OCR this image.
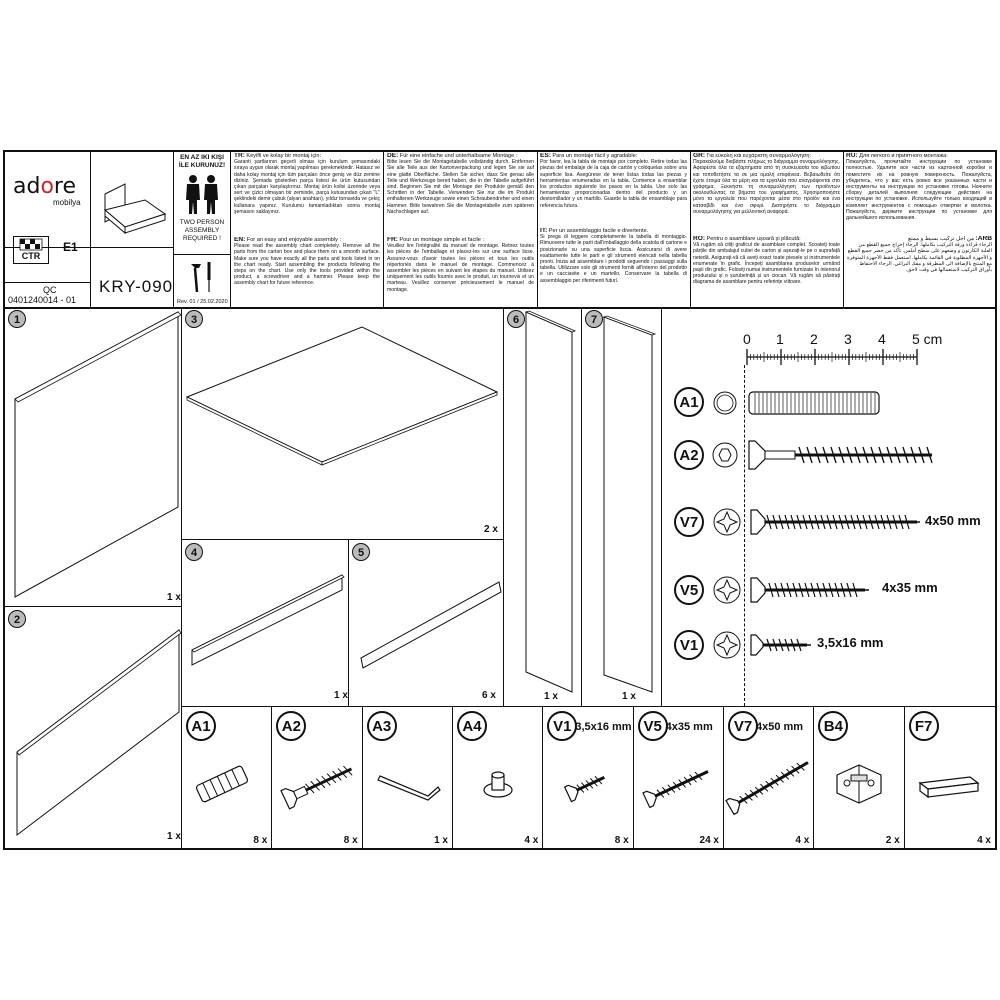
adore
mobilya
CTR
E1
QC
0401240014 - 01
KRY-090
Rev. 01 / 25.02.2020
EN AZ IKI KIŞI İLE KURUNUZ!
TWO PERSON ASSEMBLY REQUIRED !
TR: Keyifli ve kolay bir montaj için:
Garanti şartlarının geçerli olması için kurulum şemasındaki sıraya uygun olarak montaj yapılması gerekmektedir. Hatasız ve daha kolay montaj için tüm parçaları önce geniş ve düz zemine diziniz. Şemada gösterilen parça listesi ile ürün kutusundan çıkan parçaları karşılaştırınız. Montaj ürün kolisi üzerinde veya sert ve çizici olmayan bir zeminde, parça kutusundan çıkan "L" şeklindeki demir çubuk (alyan anahtarı), yıldız tornavida ve çekiç kullanara yapınız. Kurulumu tamamladıktan sonra montaj şemasını saklayınız.
EN: For an easy and enjoyable assembly :
Please read the assembly chart completely. Remove all the parts from the carton box and place them on a smooth surface. Make sure you have exactly all the parts and tools listed in on the chart ready. Start assembling the products following the steps on the chart. Use only the tools provided within the product, a screwdriver and a hammer. Please keep the assembly chart for future reference.
DE: Für eine einfache und unterhaltsame Montage :
Bitte lesen Sie die Montagetabelle vollständig durch. Entfernen Sie alle Teile aus der Kartonverpackung und legen Sie sie auf eine glatte Oberfläche. Stellen Sie sicher, dass Sie genau alle Teile und Werkzeuge bereit haben, die in der Tabelle aufgeführt sind. Beginnen Sie mit der Montage der Produkte gemäß den Schritten in der Tabelle. Verwenden Sie nur die im Produkt enthaltenen Werkzeuge sowie einen Schraubendreher und einen Hammer. Bitte bewahren Sie die Montagetabelle zum späteren Nachschlagen auf.
FR: Pour un montage simple et facile :
Veuillez lire l'intégralité du manuel de montage. Retirez toutes les pièces de l'emballage et placez-les sur une surface lisse. Assurez-vous d'avoir toutes les pièces et tous les outils répertoriés dans le manuel de montage. Commencez à assembler les pièces en suivant les étapes du manuel. Utilisez uniquement les outils fournis avec le produit, un tournevis et un marteau. Veuillez conserver précieusement le manuel de montage.
ES: Para un montaje fácil y agradable:
Por favor, lea la tabla de montaje por completo. Retire todas las piezas del embalaje de la caja de cartón y colóquelas sobre una superficie lisa. Asegúrese de tener listas todas las piezas y herramientas enumeradas en la tabla. Comience a ensamblar los productos siguiendo los pasos en la tabla. Use solo las herramientas proporcionadas dentro del producto y un destornillador y un martillo. Guarde la tabla de ensamblaje para referencia futura.
IT: Per un assemblaggio facile e divertente.
Si prega di leggere completamente la tabella di montaggio. Rimuovere tutte le parti dall'imballaggio della scatola di cartone e posizionarle su una superficie liscia. Assicurarsi di avere esattamente tutte le parti e gli strumenti elencati nella tabella pronti. Inizia ad assemblare i prodotti seguendo i passaggi sulla tabella. Utilizzare solo gli strumenti forniti all'interno del prodotto e un cacciavite e un martello. Conservare la tabella di assemblaggio per riferimenti futuri.
GR: Για εύκολη και ευχάριστη συναρμολόγηση:
Παρακαλούμε διαβάστε πλήρως το διάγραμμα συναρμολόγησης. Αφαιρέστε όλα τα εξαρτήματα από τη συσκευασία του κιβωτίου και τοποθετήστε τα σε μια ομαλή επιφάνεια. Βεβαιωθείτε ότι έχετε έτοιμα όλα τα μέρη και τα εργαλεία που αναγράφονται στο γράφημα. Ξεκινήστε τη συναρμολόγηση των προϊόντων ακολουθώντας τα βήματα του γραφήματος. Χρησιμοποιήστε μόνο τα εργαλεία που παρέχονται μέσα στο προϊόν και ένα κατσαβίδι και ένα σφυρί. Διατηρήστε το διάγραμμα συναρμολόγησης για μελλοντική αναφορά.
RO: Pentru o asamblare ușoară și plăcută:
Vă rugăm să citiți graficul de asamblare complet. Scoateți toate părțile din ambalajul cutiei de carton și așezați-le pe o suprafață netedă. Asigurați-vă că aveți exact toate piesele și instrumentele enumerate în grafic. Începeți asamblarea produselor urmând pașii din grafic. Folosiți numai instrumentele furnizate în interiorul produsului și o șurubelniță și un ciocan. Vă rugăm să păstrați diagrama de asamblare pentru referințe viitoare.
RU: Для легкого и приятного монтажа:
Пожалуйста, прочитайте инструкции по установке полностью. Удалите все части из картонной коробки и поместите их на ровную поверхность. Пожалуйста, убедитесь, что у вас есть ровно все указанных части и инструменты на инструкции по установке готовы. Начните сборку деталей выполняя следующие действия на инструкции по установке. Используйте только входящий в комплект инструментов с помощью отвертки и молотка. Пожалуйста, держите инструкции по установке для дальнейшего использования.
ARB: من أجل تركيب بسيط و ممتع
الرجاء قراءة ورقة التركيب بكاملها. الرجاء إخراج جميع القطع من العلبة الكارتون و وضعهم على سطح أملس. تأكد من حصر جميع القطع و الأجهزة المطلوبة في القائمة بكاملها. استعمل فقط الأجهزة المتوفرة مع المنتج بالإضافة الى المطرقة و مفك البراغي. الرجاء الاحتفاظ بأوراق التركيب لاستعمالها في وقت لاحق.
1
1 x
2
1 x
3
2 x
4
1 x
5
6 x
6
1 x
7
1 x
0 1 2 3 4 5 cm
A1
A2
V7	4x50 mm
V5	4x35 mm
V1	3,5x16 mm
A1
8 x
A2
8 x
A3
1 x
A4
4 x
V1 3,5x16 mm
8 x
V5 4x35 mm
24 x
V7 4x50 mm
4 x
B4
2 x
F7
4 x
